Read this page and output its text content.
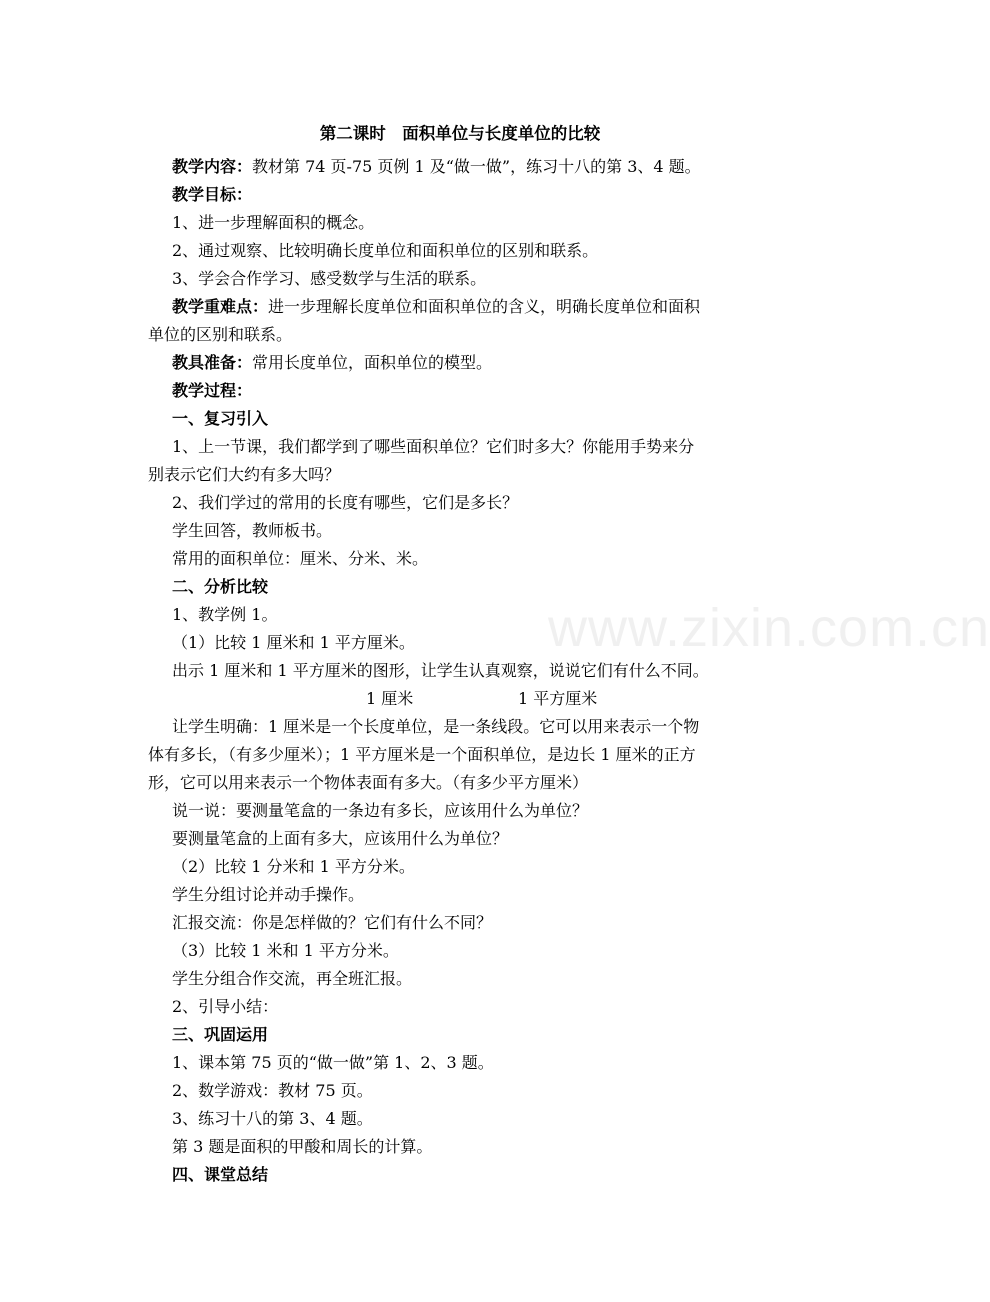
第二课时　面积单位与长度单位的比较
教学内容：教材第 74 页-75 页例 1 及“做一做”，练习十八的第 3、4 题。
教学目标：
1、进一步理解面积的概念。
2、通过观察、比较明确长度单位和面积单位的区别和联系。
3、学会合作学习、感受数学与生活的联系。
教学重难点：进一步理解长度单位和面积单位的含义，明确长度单位和面积
单位的区别和联系。
教具准备：常用长度单位，面积单位的模型。
教学过程：
一、复习引入
1、上一节课，我们都学到了哪些面积单位？它们时多大？你能用手势来分
别表示它们大约有多大吗？
2、我们学过的常用的长度有哪些，它们是多长？
学生回答，教师板书。
常用的面积单位：厘米、分米、米。
二、分析比较
1、教学例 1。
（1）比较 1 厘米和 1 平方厘米。
出示 1 厘米和 1 平方厘米的图形，让学生认真观察，说说它们有什么不同。
1 厘米	1 平方厘米
让学生明确：1 厘米是一个长度单位，是一条线段。它可以用来表示一个物
体有多长，（有多少厘米）；1 平方厘米是一个面积单位，是边长 1 厘米的正方
形，它可以用来表示一个物体表面有多大。（有多少平方厘米）
说一说：要测量笔盒的一条边有多长，应该用什么为单位？
要测量笔盒的上面有多大，应该用什么为单位？
（2）比较 1 分米和 1 平方分米。
学生分组讨论并动手操作。
汇报交流：你是怎样做的？它们有什么不同？
（3）比较 1 米和 1 平方分米。
学生分组合作交流，再全班汇报。
2、引导小结：
三、巩固运用
1、课本第 75 页的“做一做”第 1、2、3 题。
2、数学游戏：教材 75 页。
3、练习十八的第 3、4 题。
第 3 题是面积的甲酸和周长的计算。
四、课堂总结
www.zixin.com.cn
